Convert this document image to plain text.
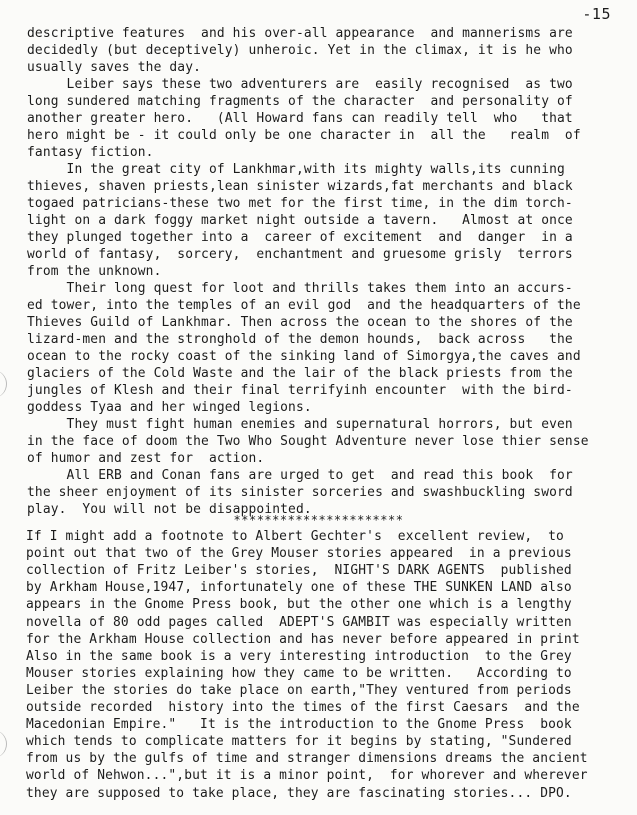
-15
descriptive features  and his over-all appearance  and mannerisms are
decidedly (but deceptively) unheroic. Yet in the climax, it is he who
usually saves the day.
Leiber says these two adventurers are  easily recognised  as two
long sundered matching fragments of the character  and personality of
another greater hero.   (All Howard fans can readily tell  who   that
hero might be - it could only be one character in  all the   realm  of
fantasy fiction.
In the great city of Lankhmar,with its mighty walls,its cunning
thieves, shaven priests,lean sinister wizards,fat merchants and black
togaed patricians-these two met for the first time, in the dim torch-
light on a dark foggy market night outside a tavern.   Almost at once
they plunged together into a  career of excitement  and  danger  in a
world of fantasy,  sorcery,  enchantment and gruesome grisly  terrors
from the unknown.
Their long quest for loot and thrills takes them into an accurs-
ed tower, into the temples of an evil god  and the headquarters of the
Thieves Guild of Lankhmar. Then across the ocean to the shores of the
lizard-men and the stronghold of the demon hounds,  back across   the
ocean to the rocky coast of the sinking land of Simorgya,the caves and
glaciers of the Cold Waste and the lair of the black priests from the
jungles of Klesh and their final terrifyinh encounter  with the bird-
goddess Tyaa and her winged legions.
They must fight human enemies and supernatural horrors, but even
in the face of doom the Two Who Sought Adventure never lose thier sense
of humor and zest for  action.
All ERB and Conan fans are urged to get  and read this book  for
the sheer enjoyment of its sinister sorceries and swashbuckling sword
play.  You will not be disappointed.
**********************
If I might add a footnote to Albert Gechter's  excellent review,  to
point out that two of the Grey Mouser stories appeared  in a previous
collection of Fritz Leiber's stories,  NIGHT'S DARK AGENTS  published
by Arkham House,1947, infortunately one of these THE SUNKEN LAND also
appears in the Gnome Press book, but the other one which is a lengthy
novella of 80 odd pages called  ADEPT'S GAMBIT was especially written
for the Arkham House collection and has never before appeared in print
Also in the same book is a very interesting introduction  to the Grey
Mouser stories explaining how they came to be written.   According to
Leiber the stories do take place on earth,"They ventured from periods
outside recorded  history into the times of the first Caesars  and the
Macedonian Empire."   It is the introduction to the Gnome Press  book
which tends to complicate matters for it begins by stating, "Sundered
from us by the gulfs of time and stranger dimensions dreams the ancient
world of Nehwon...",but it is a minor point,  for whorever and wherever
they are supposed to take place, they are fascinating stories... DPO.
